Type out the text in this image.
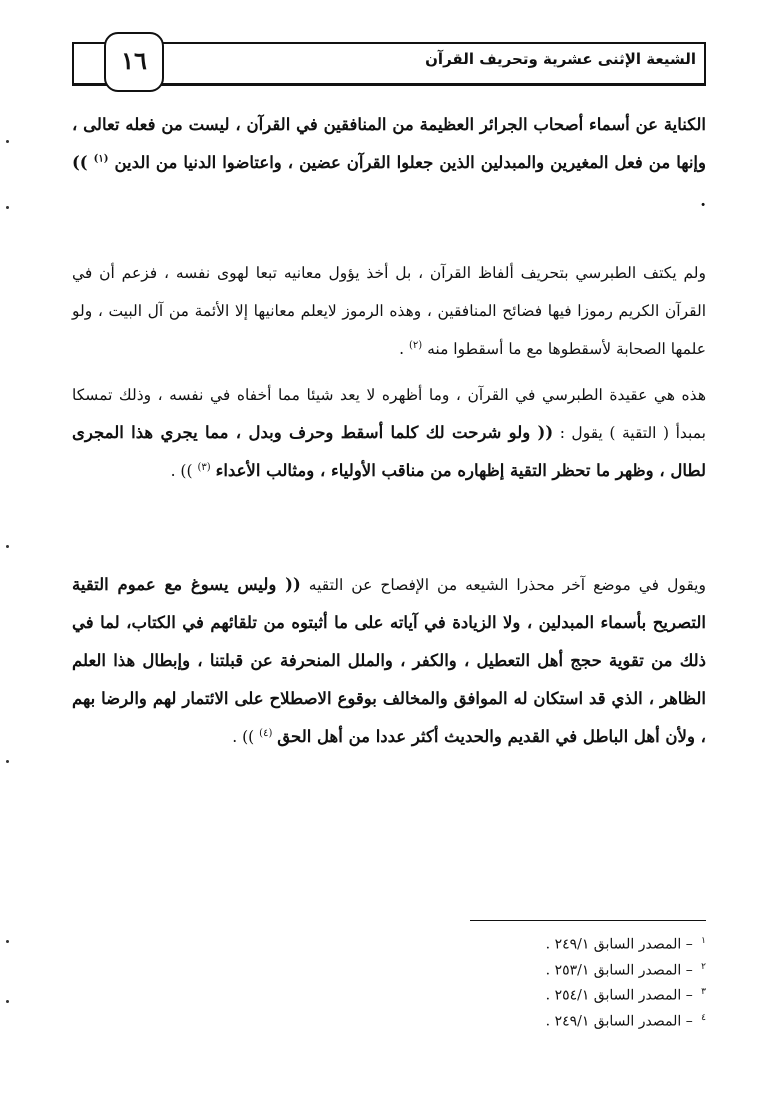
الشيعة الإثنى عشرية وتحريف القرآن
١٦

الكناية عن أسماء أصحاب الجرائر العظيمة من المنافقين في القرآن ، ليست من فعله تعالى ، وإنها من فعل المغيرين والمبدلين الذين جعلوا القرآن عضين ، واعتاضوا الدنيا من الدين $^{(١)}$ )) .

ولم يكتف الطبرسي بتحريف ألفاظ القرآن ، بل أخذ يؤول معانيه تبعا لهوى نفسه ، فزعم أن في القرآن الكريم رموزا فيها فضائح المنافقين ، وهذه الرموز لايعلم معانيها إلا الأئمة من آل البيت ، ولو علمها الصحابة لأسقطوها مع ما أسقطوا منه $^{(٢)}$ .

هذه هي عقيدة الطبرسي في القرآن ، وما أظهره لا يعد شيئا مما أخفاه في نفسه ، وذلك تمسكا بمبدأ ( التقية ) يقول : (( ولو شرحت لك كلما أسقط وحرف وبدل ، مما يجري هذا المجرى لطال ، وظهر ما تحظر التقية إظهاره من مناقب الأولياء ، ومثالب الأعداء $^{(٣)}$ )) .

ويقول في موضع آخر محذرا الشيعه من الإفصاح عن التقيه (( وليس يسوغ مع عموم التقية التصريح بأسماء المبدلين ، ولا الزيادة في آياته على ما أثبتوه من تلقائهم في الكتاب، لما في ذلك من تقوية حجج أهل التعطيل ، والكفر ، والملل المنحرفة عن قبلتنا ، وإبطال هذا العلم الظاهر ، الذي قد استكان له الموافق والمخالف بوقوع الاصطلاح على الائتمار لهم والرضا بهم ، ولأن أهل الباطل في القديم والحديث أكثر عددا من أهل الحق $^{(٤)}$ )) .

$^١$ – المصدر السابق ٢٤٩/١ .
$^٢$ – المصدر السابق ٢٥٣/١ .
$^٣$ – المصدر السابق ٢٥٤/١ .
$^٤$ – المصدر السابق ٢٤٩/١ .
